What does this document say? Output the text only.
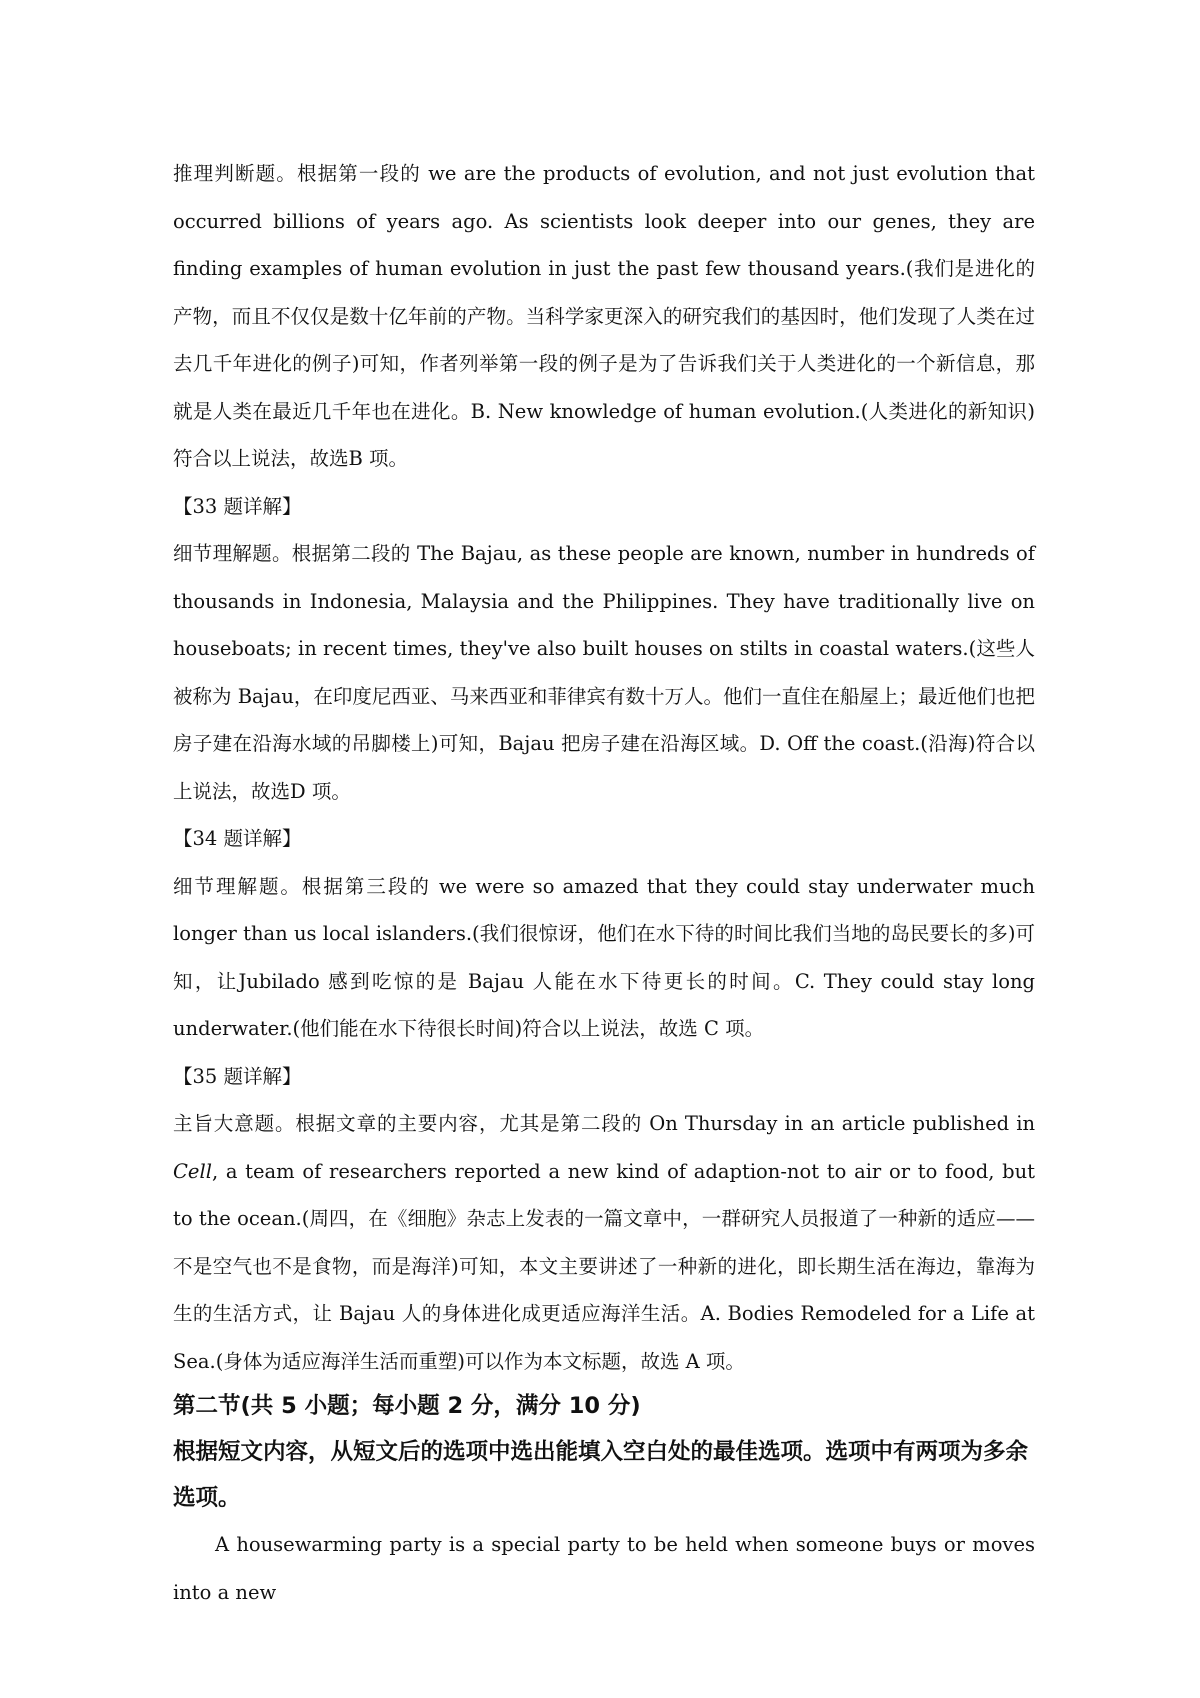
推理判断题。根据第一段的 we are the products of evolution, and not just evolution that occurred billions of years ago. As scientists look deeper into our genes, they are finding examples of human evolution in just the past few thousand years.(我们是进化的产物，而且不仅仅是数十亿年前的产物。当科学家更深入的研究我们的基因时，他们发现了人类在过去几千年进化的例子)可知，作者列举第一段的例子是为了告诉我们关于人类进化的一个新信息，那就是人类在最近几千年也在进化。B. New knowledge of human evolution.(人类进化的新知识)符合以上说法，故选B 项。

【33 题详解】

细节理解题。根据第二段的 The Bajau, as these people are known, number in hundreds of thousands in Indonesia, Malaysia and the Philippines. They have traditionally live on houseboats; in recent times, they've also built houses on stilts in coastal waters.(这些人被称为 Bajau，在印度尼西亚、马来西亚和菲律宾有数十万人。他们一直住在船屋上；最近他们也把房子建在沿海水域的吊脚楼上)可知，Bajau 把房子建在沿海区域。D. Off the coast.(沿海)符合以上说法，故选D 项。

【34 题详解】

细节理解题。根据第三段的 we were so amazed that they could stay underwater much longer than us local islanders.(我们很惊讶，他们在水下待的时间比我们当地的岛民要长的多)可知，让Jubilado 感到吃惊的是 Bajau 人能在水下待更长的时间。C. They could stay long underwater.(他们能在水下待很长时间)符合以上说法，故选 C 项。

【35 题详解】

主旨大意题。根据文章的主要内容，尤其是第二段的 On Thursday in an article published in Cell, a team of researchers reported a new kind of adaption-not to air or to food, but to the ocean.(周四，在《细胞》杂志上发表的一篇文章中，一群研究人员报道了一种新的适应——不是空气也不是食物，而是海洋)可知，本文主要讲述了一种新的进化，即长期生活在海边，靠海为生的生活方式，让 Bajau 人的身体进化成更适应海洋生活。A. Bodies Remodeled for a Life at Sea.(身体为适应海洋生活而重塑)可以作为本文标题，故选 A 项。

第二节(共 5 小题；每小题 2 分，满分 10 分)

根据短文内容，从短文后的选项中选出能填入空白处的最佳选项。选项中有两项为多余选项。

A housewarming party is a special party to be held when someone buys or moves into a new
